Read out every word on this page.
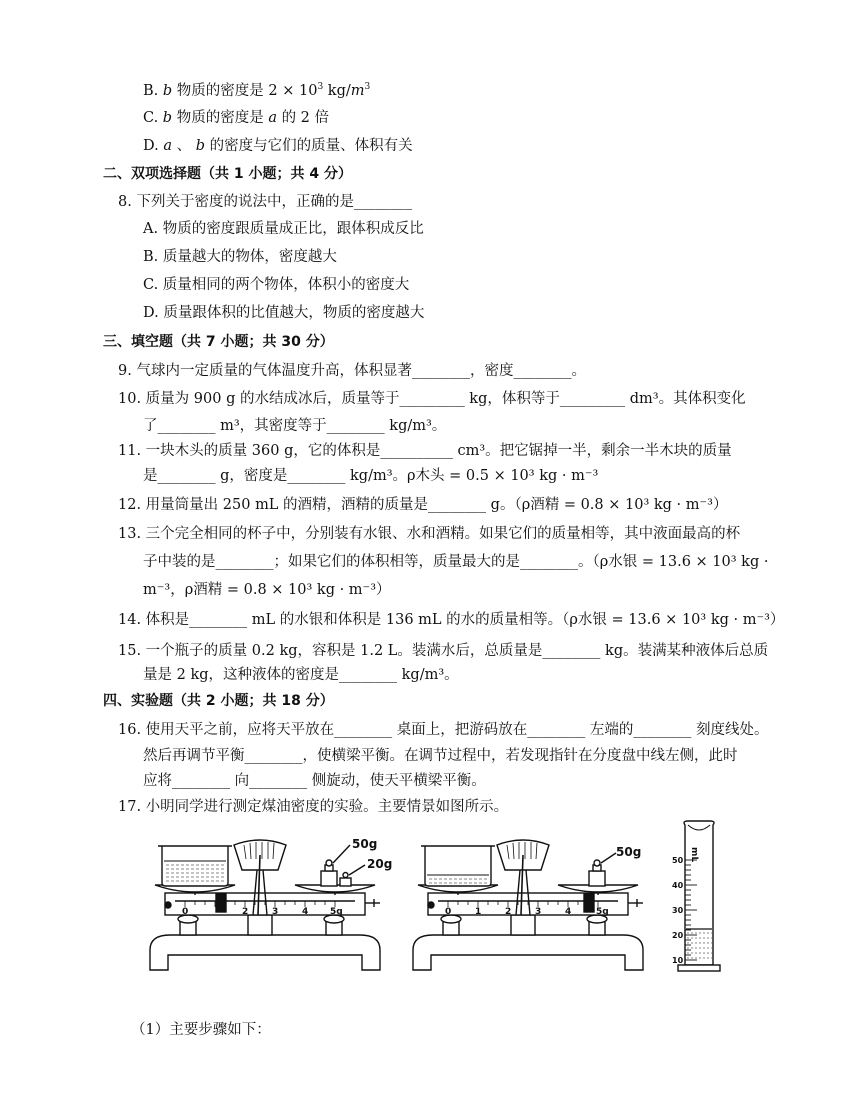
B. b 物质的密度是 $2 \times 10^3$ $kg/m^3$
C. b 物质的密度是 a 的 2 倍
D. a 、 b 的密度与它们的质量、体积有关
二、双项选择题（共 1 小题；共 4 分）
8. 下列关于密度的说法中，正确的是________
A. 物质的密度跟质量成正比，跟体积成反比
B. 质量越大的物体，密度越大
C. 质量相同的两个物体，体积小的密度大
D. 质量跟体积的比值越大，物质的密度越大
三、填空题（共 7 小题；共 30 分）
9. 气球内一定质量的气体温度升高，体积显著________，密度________。
10. 质量为 900 g 的水结成冰后，质量等于_________ kg，体积等于_________ dm³。其体积变化
了________ m³，其密度等于________ kg/m³。
11. 一块木头的质量 360 g，它的体积是__________ cm³。把它锯掉一半，剩余一半木块的质量
是________ g，密度是________ kg/m³。ρ木头 = 0.5 × 10³ kg · m⁻³
12. 用量筒量出 250 mL 的酒精，酒精的质量是________ g。（ρ酒精 = 0.8 × 10³ kg · m⁻³）
13. 三个完全相同的杯子中，分别装有水银、水和酒精。如果它们的质量相等，其中液面最高的杯
子中装的是________；如果它们的体积相等，质量最大的是________。（ρ水银 = 13.6 × 10³ kg ·
m⁻³，ρ酒精 = 0.8 × 10³ kg · m⁻³）
14. 体积是________ mL 的水银和体积是 136 mL 的水的质量相等。（ρ水银 = 13.6 × 10³ kg · m⁻³）
15. 一个瓶子的质量 0.2 kg，容积是 1.2 L。装满水后，总质量是________ kg。装满某种液体后总质
量是 2 kg，这种液体的密度是________ kg/m³。
四、实验题（共 2 小题；共 18 分）
16. 使用天平之前，应将天平放在________ 桌面上，把游码放在________ 左端的________ 刻度线处。
然后再调节平衡________，使横梁平衡。在调节过程中，若发现指针在分度盘中线左侧，此时
应将________ 向________ 侧旋动，使天平横梁平衡。
17. 小明同学进行测定煤油密度的实验。主要情景如图所示。
0	2	3	4 5g
50g
20g
0	1	2	3	4	5g
50g	mL
50
40
30
20
10
（1）主要步骤如下：
